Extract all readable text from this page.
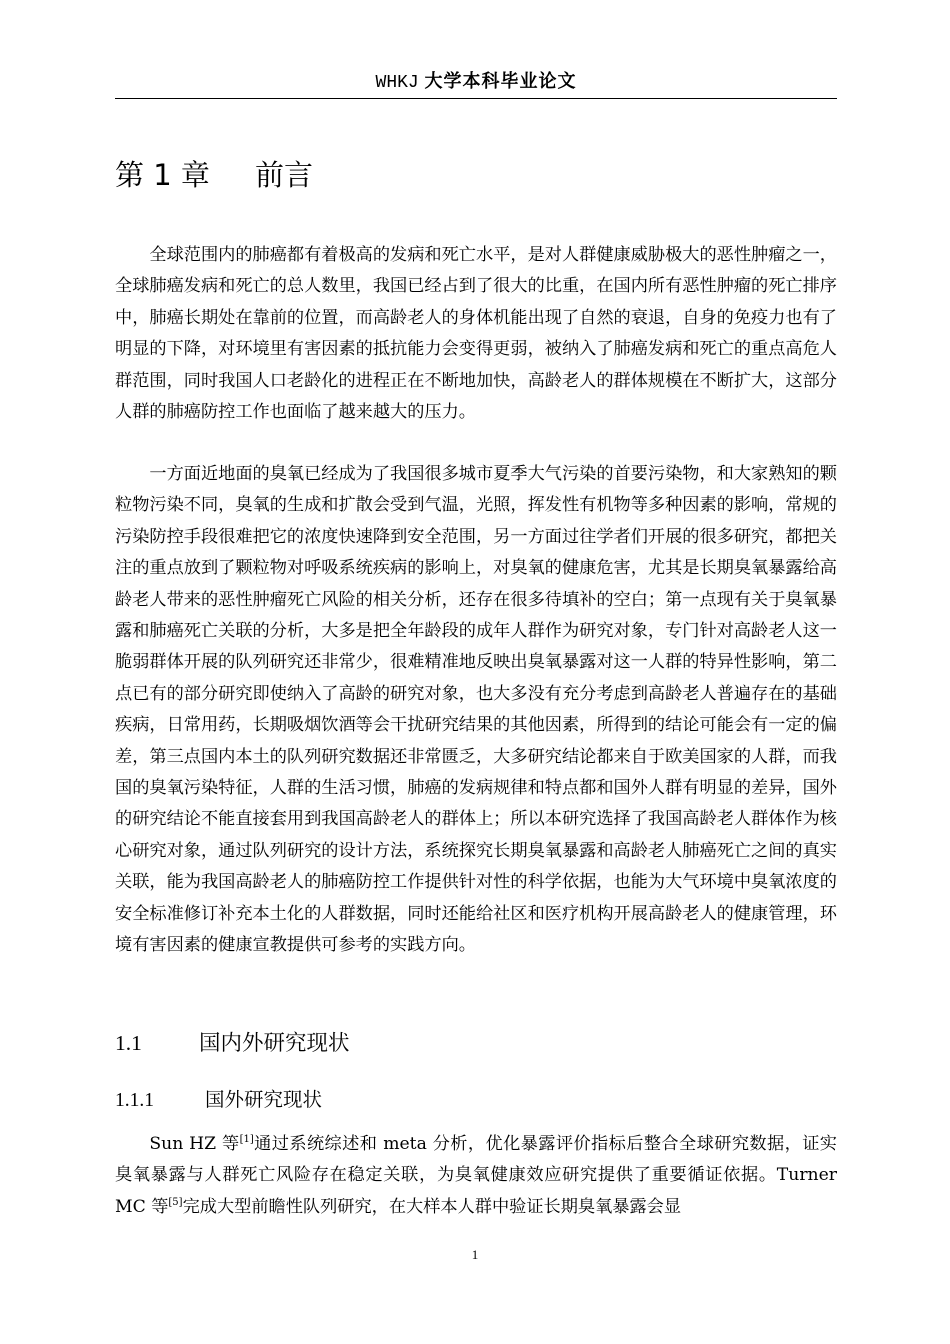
WHKJ 大学本科毕业论文
第 1 章 前言

全球范围内的肺癌都有着极高的发病和死亡水平，是对人群健康威胁极大的恶性肿瘤之一，全球肺癌发病和死亡的总人数里，我国已经占到了很大的比重，在国内所有恶性肿瘤的死亡排序中，肺癌长期处在靠前的位置，而高龄老人的身体机能出现了自然的衰退，自身的免疫力也有了明显的下降，对环境里有害因素的抵抗能力会变得更弱，被纳入了肺癌发病和死亡的重点高危人群范围，同时我国人口老龄化的进程正在不断地加快，高龄老人的群体规模在不断扩大，这部分人群的肺癌防控工作也面临了越来越大的压力。

一方面近地面的臭氧已经成为了我国很多城市夏季大气污染的首要污染物，和大家熟知的颗粒物污染不同，臭氧的生成和扩散会受到气温，光照，挥发性有机物等多种因素的影响，常规的污染防控手段很难把它的浓度快速降到安全范围，另一方面过往学者们开展的很多研究，都把关注的重点放到了颗粒物对呼吸系统疾病的影响上，对臭氧的健康危害，尤其是长期臭氧暴露给高龄老人带来的恶性肿瘤死亡风险的相关分析，还存在很多待填补的空白；第一点现有关于臭氧暴露和肺癌死亡关联的分析，大多是把全年龄段的成年人群作为研究对象，专门针对高龄老人这一脆弱群体开展的队列研究还非常少，很难精准地反映出臭氧暴露对这一人群的特异性影响，第二点已有的部分研究即使纳入了高龄的研究对象，也大多没有充分考虑到高龄老人普遍存在的基础疾病，日常用药，长期吸烟饮酒等会干扰研究结果的其他因素，所得到的结论可能会有一定的偏差，第三点国内本土的队列研究数据还非常匮乏，大多研究结论都来自于欧美国家的人群，而我国的臭氧污染特征，人群的生活习惯，肺癌的发病规律和特点都和国外人群有明显的差异，国外的研究结论不能直接套用到我国高龄老人的群体上；所以本研究选择了我国高龄老人群体作为核心研究对象，通过队列研究的设计方法，系统探究长期臭氧暴露和高龄老人肺癌死亡之间的真实关联，能为我国高龄老人的肺癌防控工作提供针对性的科学依据，也能为大气环境中臭氧浓度的安全标准修订补充本土化的人群数据，同时还能给社区和医疗机构开展高龄老人的健康管理，环境有害因素的健康宣教提供可参考的实践方向。

1.1	国内外研究现状
1.1.1	国外研究现状

Sun HZ 等[1]通过系统综述和 meta 分析，优化暴露评价指标后整合全球研究数据，证实臭氧暴露与人群死亡风险存在稳定关联，为臭氧健康效应研究提供了重要循证依据。Turner MC 等[5]完成大型前瞻性队列研究，在大样本人群中验证长期臭氧暴露会显

1
